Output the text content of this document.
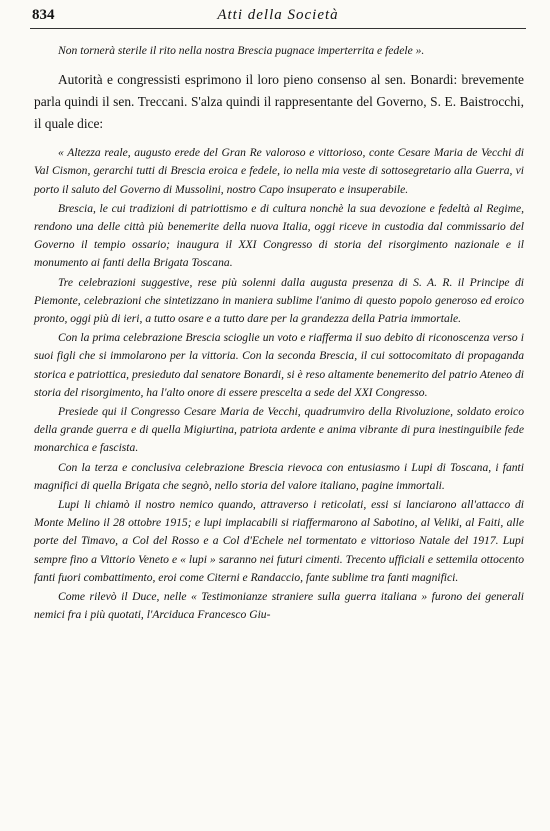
834	Atti della Società

Non tornerà sterile il rito nella nostra Brescia pugnace imperterrita e fedele ».

Autorità e congressisti esprimono il loro pieno consenso al sen. Bonardi: brevemente parla quindi il sen. Treccani. S'alza quindi il rappresentante del Governo, S. E. Baistrocchi, il quale dice:

« Altezza reale, augusto erede del Gran Re valoroso e vittorioso, conte Cesare Maria de Vecchi di Val Cismon, gerarchi tutti di Brescia eroica e fedele, io nella mia veste di sottosegretario alla Guerra, vi porto il saluto del Governo di Mussolini, nostro Capo insuperato e insuperabile.

Brescia, le cui tradizioni di patriottismo e di cultura nonchè la sua devozione e fedeltà al Regime, rendono una delle città più benemerite della nuova Italia, oggi riceve in custodia dal commissario del Governo il tempio ossario; inaugura il XXI Congresso di storia del risorgimento nazionale e il monumento ai fanti della Brigata Toscana.

Tre celebrazioni suggestive, rese più solenni dalla augusta presenza di S. A. R. il Principe di Piemonte, celebrazioni che sintetizzano in maniera sublime l'animo di questo popolo generoso ed eroico pronto, oggi più di ieri, a tutto osare e a tutto dare per la grandezza della Patria immortale.

Con la prima celebrazione Brescia scioglie un voto e riafferma il suo debito di riconoscenza verso i suoi figli che si immolarono per la vittoria. Con la seconda Brescia, il cui sottocomitato di propaganda storica e patriottica, presieduto dal senatore Bonardi, si è reso altamente benemerito del patrio Ateneo di storia del risorgimento, ha l'alto onore di essere prescelta a sede del XXI Congresso.

Presiede qui il Congresso Cesare Maria de Vecchi, quadrumviro della Rivoluzione, soldato eroico della grande guerra e di quella Migiurtina, patriota ardente e anima vibrante di pura inestinguibile fede monarchica e fascista.

Con la terza e conclusiva celebrazione Brescia rievoca con entusiasmo i Lupi di Toscana, i fanti magnifici di quella Brigata che segnò, nello storia del valore italiano, pagine immortali.

Lupi li chiamò il nostro nemico quando, attraverso i reticolati, essi si lanciarono all'attacco di Monte Melino il 28 ottobre 1915; e lupi implacabili si riaffermarono al Sabotino, al Veliki, al Faiti, alle porte del Timavo, a Col del Rosso e a Col d'Echele nel tormentato e vittorioso Natale del 1917. Lupi sempre fino a Vittorio Veneto e « lupi » saranno nei futuri cimenti. Trecento ufficiali e settemila ottocento fanti fuori combattimento, eroi come Citerni e Randaccio, fante sublime tra fanti magnifici.

Come rilevò il Duce, nelle « Testimonianze straniere sulla guerra italiana » furono dei generali nemici fra i più quotati, l'Arciduca Francesco Giu-
